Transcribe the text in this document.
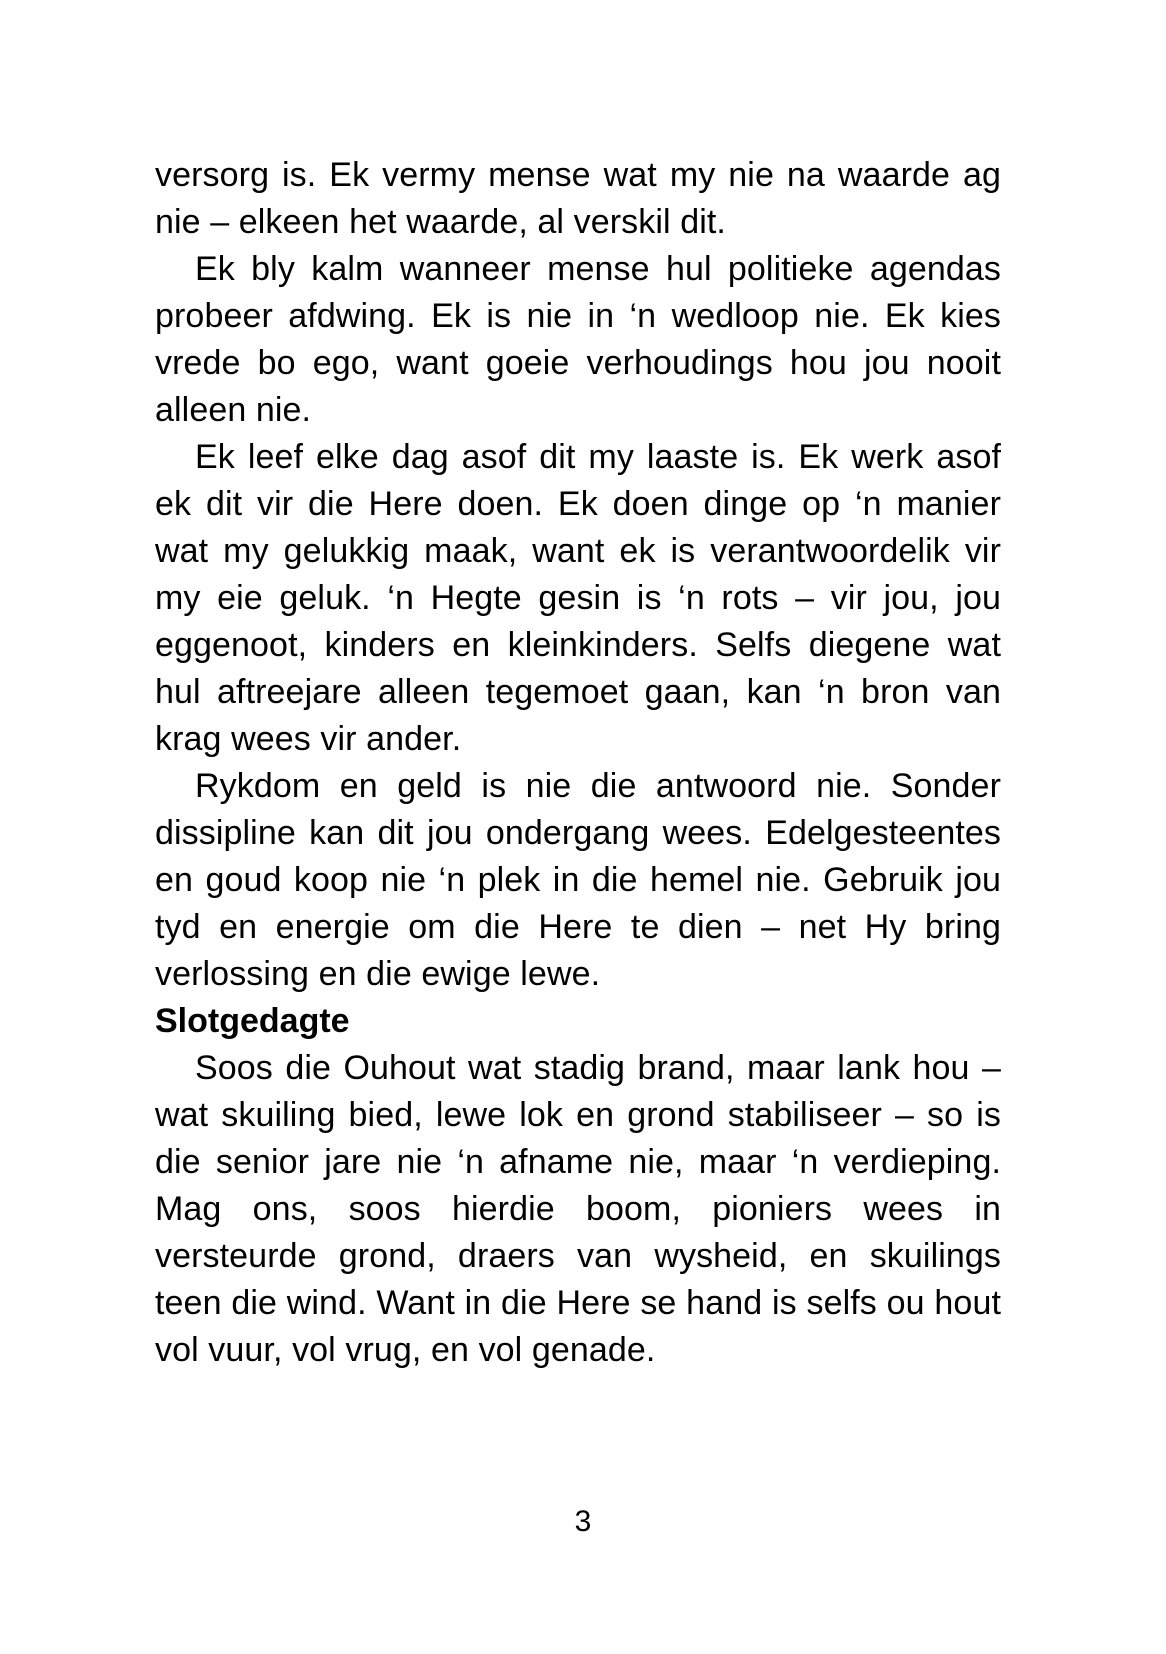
versorg is. Ek vermy mense wat my nie na waarde ag nie – elkeen het waarde, al verskil dit.

Ek bly kalm wanneer mense hul politieke agendas probeer afdwing. Ek is nie in ‘n wedloop nie. Ek kies vrede bo ego, want goeie verhoudings hou jou nooit alleen nie.

Ek leef elke dag asof dit my laaste is. Ek werk asof ek dit vir die Here doen. Ek doen dinge op ‘n manier wat my gelukkig maak, want ek is verantwoordelik vir my eie geluk. ‘n Hegte gesin is ‘n rots – vir jou, jou eggenoot, kinders en kleinkinders. Selfs diegene wat hul aftreejare alleen tegemoet gaan, kan ‘n bron van krag wees vir ander.

Rykdom en geld is nie die antwoord nie. Sonder dissipline kan dit jou ondergang wees. Edelgesteentes en goud koop nie ‘n plek in die hemel nie. Gebruik jou tyd en energie om die Here te dien – net Hy bring verlossing en die ewige lewe.

Slotgedagte

Soos die Ouhout wat stadig brand, maar lank hou – wat skuiling bied, lewe lok en grond stabiliseer – so is die senior jare nie ‘n afname nie, maar ‘n verdieping. Mag ons, soos hierdie boom, pioniers wees in versteurde grond, draers van wysheid, en skuilings teen die wind. Want in die Here se hand is selfs ou hout vol vuur, vol vrug, en vol genade.

3
